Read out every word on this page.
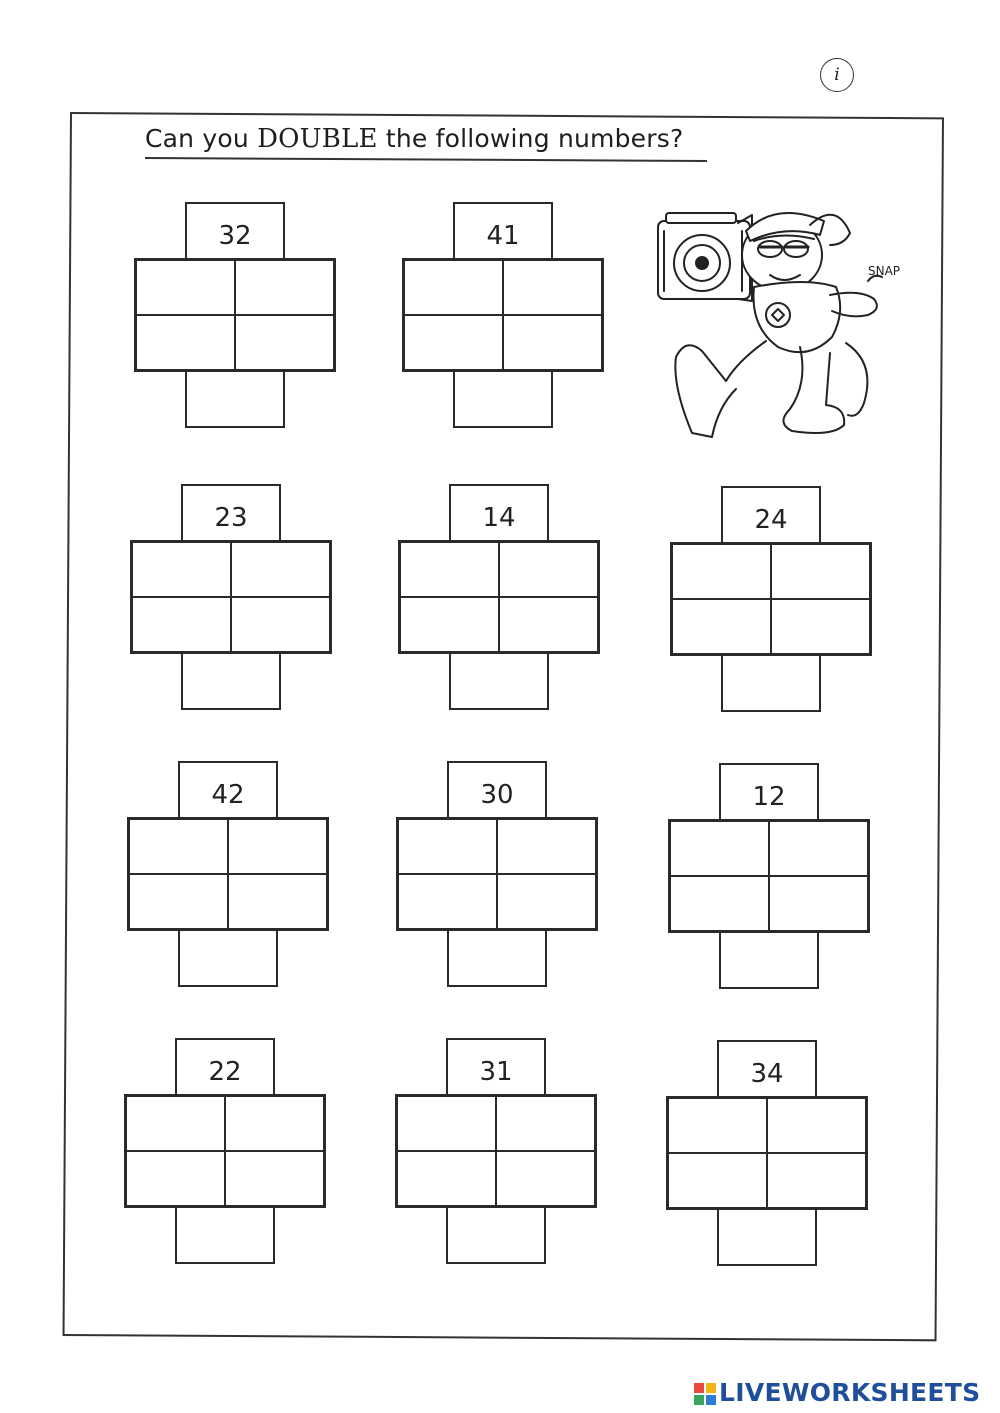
i
Can you DOUBLE the following numbers?
32	41
SNAP
23	14	24
42	30	12
22	31	34
LIVEWORKSHEETS
